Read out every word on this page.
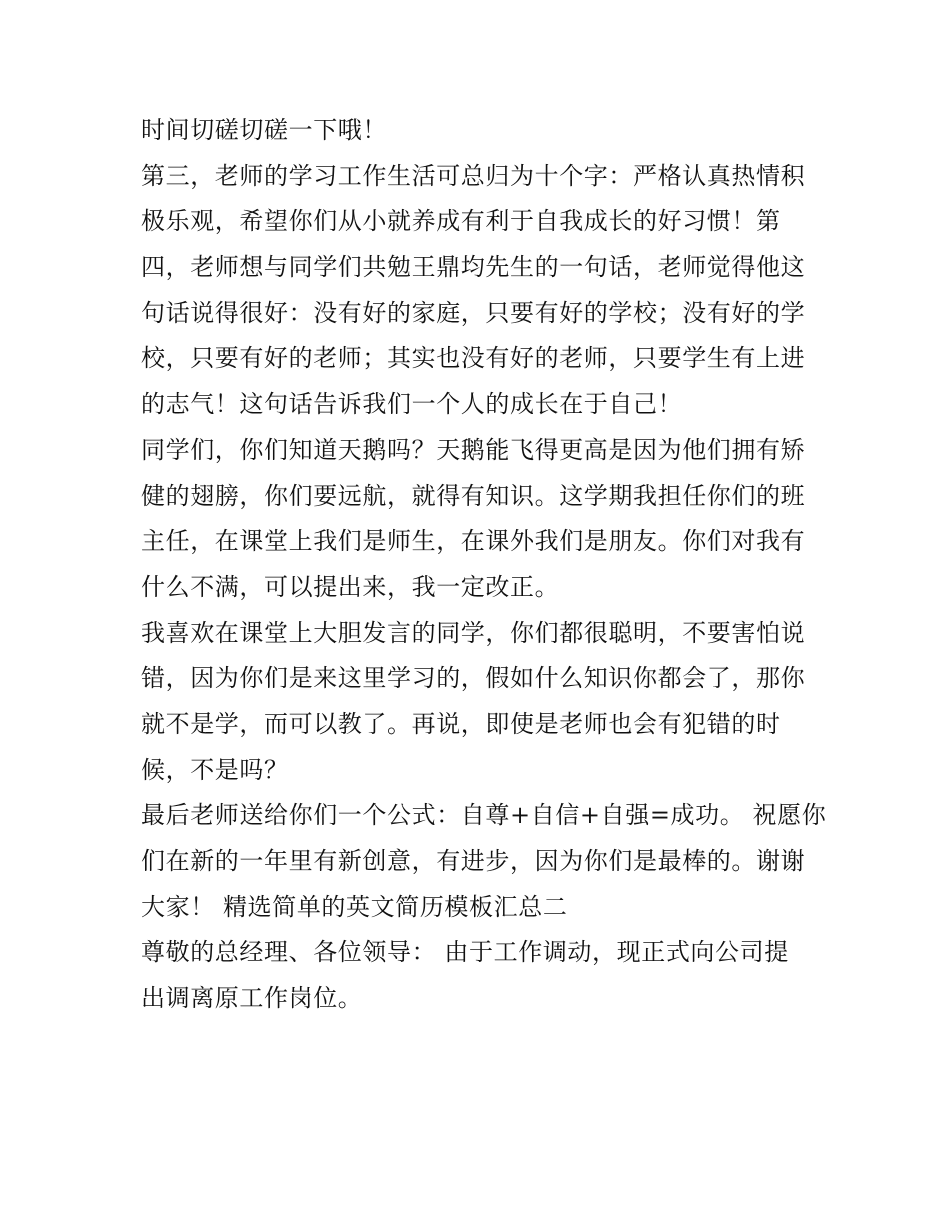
时间切磋切磋一下哦！
第三，老师的学习工作生活可总归为十个字：严格认真热情积
极乐观，希望你们从小就养成有利于自我成长的好习惯！第
四，老师想与同学们共勉王鼎均先生的一句话，老师觉得他这
句话说得很好：没有好的家庭，只要有好的学校；没有好的学
校，只要有好的老师；其实也没有好的老师，只要学生有上进
的志气！这句话告诉我们一个人的成长在于自己！
同学们，你们知道天鹅吗？天鹅能飞得更高是因为他们拥有矫
健的翅膀，你们要远航，就得有知识。这学期我担任你们的班
主任，在课堂上我们是师生，在课外我们是朋友。你们对我有
什么不满，可以提出来，我一定改正。
我喜欢在课堂上大胆发言的同学，你们都很聪明，不要害怕说
错，因为你们是来这里学习的，假如什么知识你都会了，那你
就不是学，而可以教了。再说，即使是老师也会有犯错的时
候，不是吗？
最后老师送给你们一个公式：自尊+自信+自强=成功。 祝愿你
们在新的一年里有新创意，有进步，因为你们是最棒的。谢谢
大家！ 精选简单的英文简历模板汇总二
尊敬的总经理、各位领导： 由于工作调动，现正式向公司提
出调离原工作岗位。
